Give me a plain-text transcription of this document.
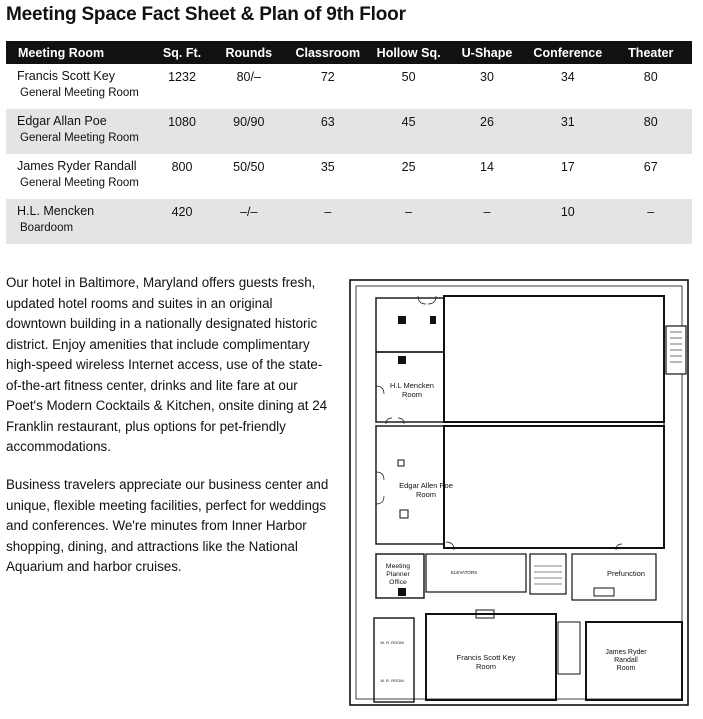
Meeting Space Fact Sheet & Plan of 9th Floor
Meeting Room	Sq. Ft.	Rounds	Classroom	Hollow Sq.	U-Shape	Conference	Theater
Francis Scott Key
General Meeting Room	1232	80/–	72	50	30	34	80
Edgar Allan Poe
General Meeting Room	1080	90/90	63	45	26	31	80
James Ryder Randall
General Meeting Room	800	50/50	35	25	14	17	67
H.L. Mencken
Boardoom	420	–/–	–	–	–	10	–

Our hotel in Baltimore, Maryland offers guests fresh, updated hotel rooms and suites in an original downtown building in a nationally designated historic district. Enjoy amenities that include complimentary high-speed wireless Internet access, use of the state-of-the-art fitness center, drinks and lite fare at our Poet's Modern Cocktails & Kitchen, onsite dining at 24 Franklin restaurant, plus options for pet-friendly accommodations.

Business travelers appreciate our business center and unique, flexible meeting facilities, perfect for weddings and conferences. We're minutes from Inner Harbor shopping, dining, and attractions like the National Aquarium and harbor cruises.

H.L Mencken
Room
Edgar Allen Poe
Room
Meeting
Planner
Office
ELEVATORS	Prefunction
Francis Scott Key
Room
James Ryder
Randall
Room
W. R. ROOM
M. R. ROOM
